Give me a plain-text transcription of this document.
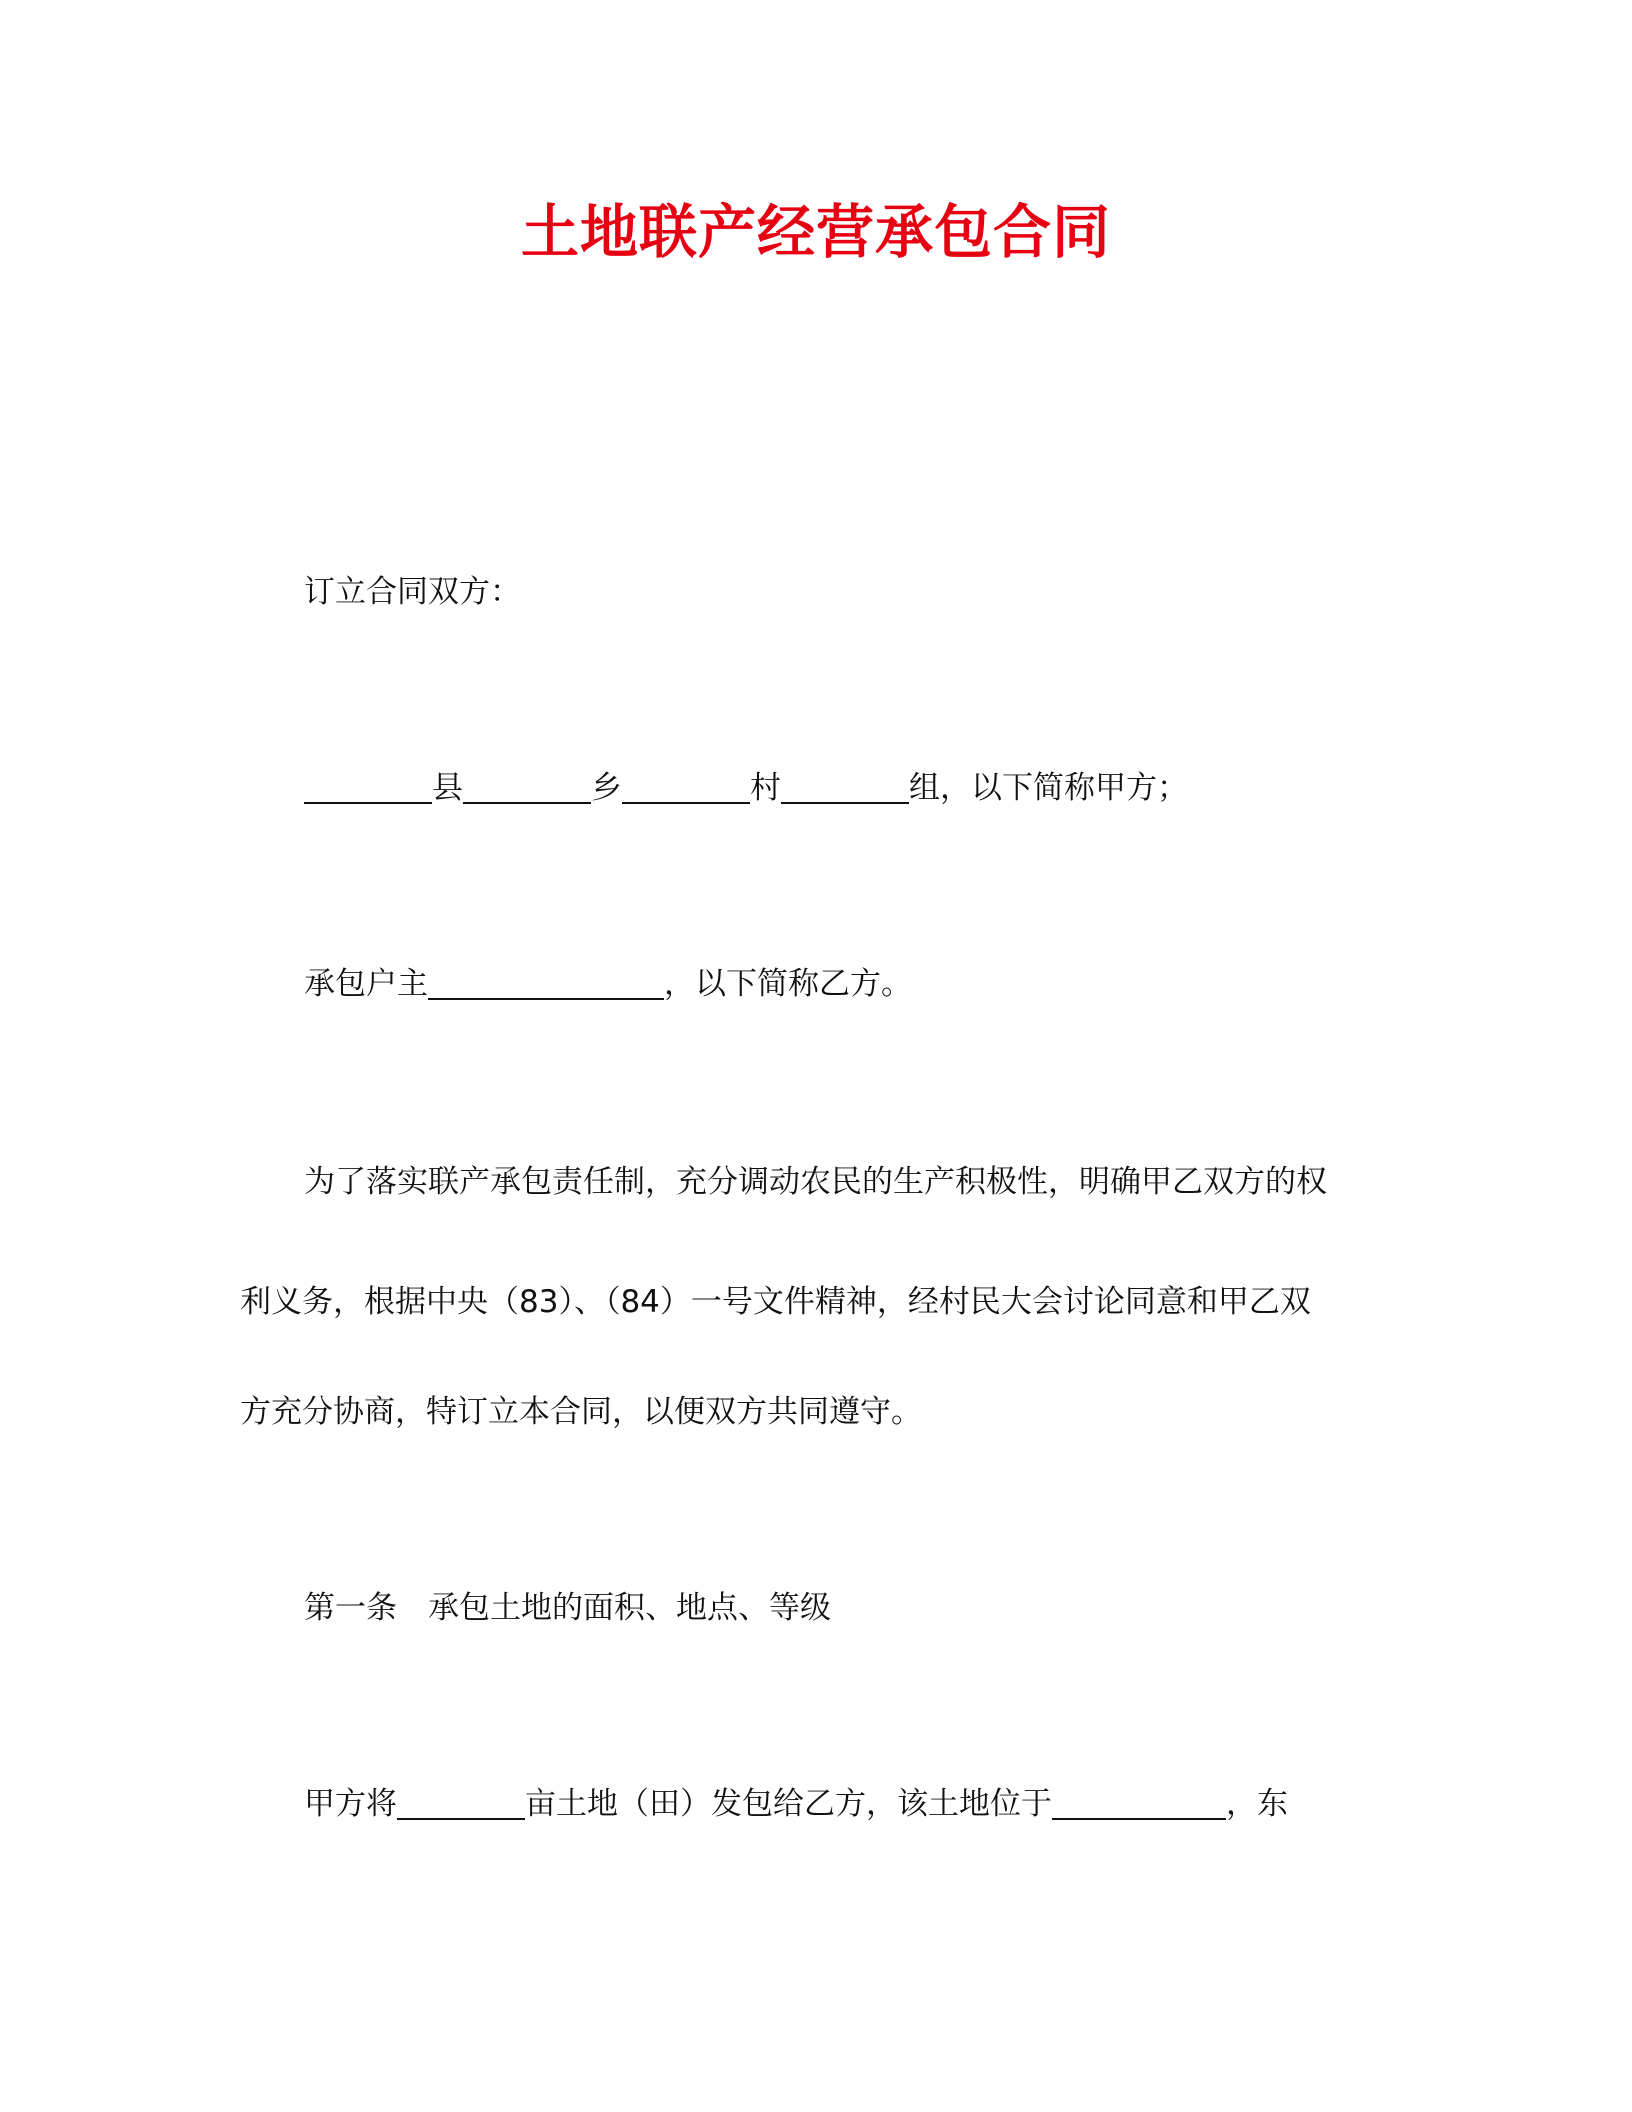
土地联产经营承包合同
订立合同双方：
县	乡	村	组，以下简称甲方；
承包户主	，以下简称乙方。
为了落实联产承包责任制，充分调动农民的生产积极性，明确甲乙双方的权
利义务，根据中央（83）、（84）一号文件精神，经村民大会讨论同意和甲乙双
方充分协商，特订立本合同，以便双方共同遵守。
第一条　承包土地的面积、地点、等级
甲方将	亩土地（田）发包给乙方，该土地位于	，东
